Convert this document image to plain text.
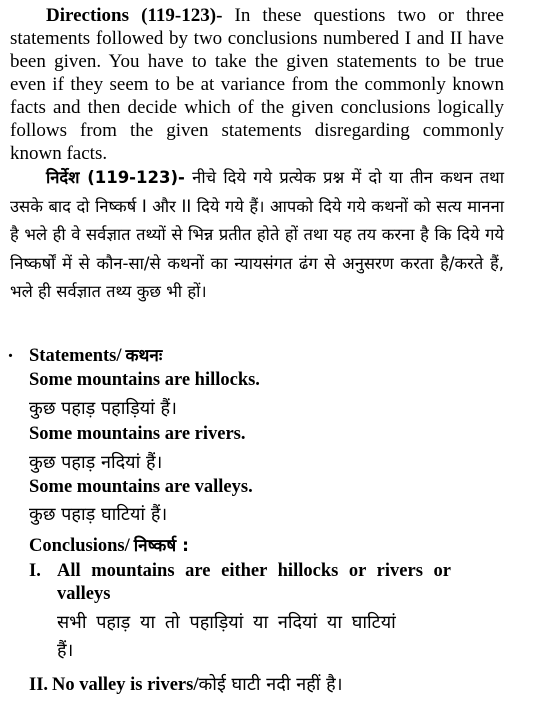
Directions (119-123)- In these questions two or three statements followed by two conclusions numbered I and II have been given. You have to take the given statements to be true even if they seem to be at variance from the commonly known facts and then decide which of the given conclusions logically follows from the given statements disregarding commonly known facts.

निर्देश (119-123)- नीचे दिये गये प्रत्येक प्रश्न में दो या तीन कथन तथा उसके बाद दो निष्कर्ष I और II दिये गये हैं। आपको दिये गये कथनों को सत्य मानना है भले ही वे सर्वज्ञात तथ्यों से भिन्न प्रतीत होते हों तथा यह तय करना है कि दिये गये निष्कर्षों में से कौन-सा/से कथनों का न्यायसंगत ढंग से अनुसरण करता है/करते हैं, भले ही सर्वज्ञात तथ्य कुछ भी हों।

. Statements/ कथनः
Some mountains are hillocks.
कुछ पहाड़ पहाड़ियां हैं।
Some mountains are rivers.
कुछ पहाड़ नदियां हैं।
Some mountains are valleys.
कुछ पहाड़ घाटियां हैं।
Conclusions/ निष्कर्ष :
I. All mountains are either hillocks or rivers or
valleys
सभी पहाड़ या तो पहाड़ियां या नदियां या घाटियां
हैं।
II. No valley is rivers/कोई घाटी नदी नहीं है।
